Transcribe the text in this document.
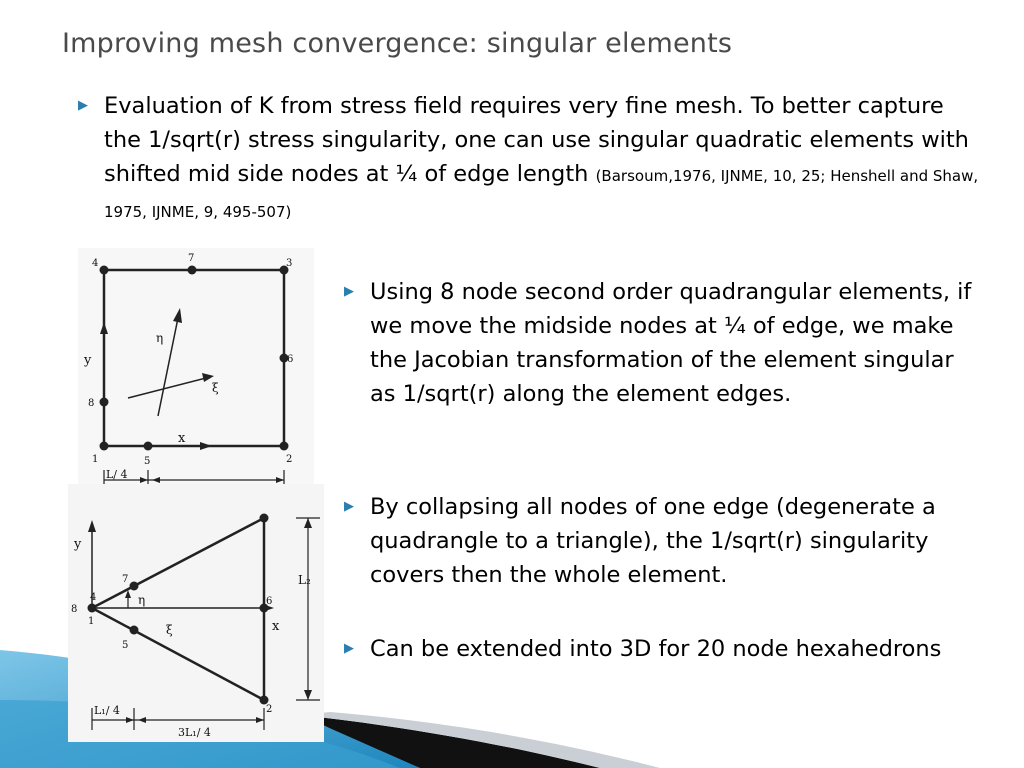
Improving mesh convergence: singular elements
▶ Evaluation of K from stress field requires very fine mesh. To better capture the 1/sqrt(r) stress singularity, one can use singular quadratic elements with shifted mid side nodes at ¼ of edge length (Barsoum,1976, IJNME, 10, 25; Henshell and Shaw, 1975, IJNME, 9, 495-507)
▶ Using 8 node second order quadrangular elements, if we move the midside nodes at ¼ of edge, we make the Jacobian transformation of the element singular as 1/sqrt(r) along the element edges.
▶ By collapsing all nodes of one edge (degenerate a quadrangle to a triangle), the 1/sqrt(r) singularity covers then the whole element.
▶ Can be extended into 3D for 20 node hexahedrons
4	7	3
6
2
5
1
8
y
x
η
ξ
L/ 4
8
4
1
7
5
6
2
y
x
η
ξ
L₂
L₁/ 4
3L₁/ 4
